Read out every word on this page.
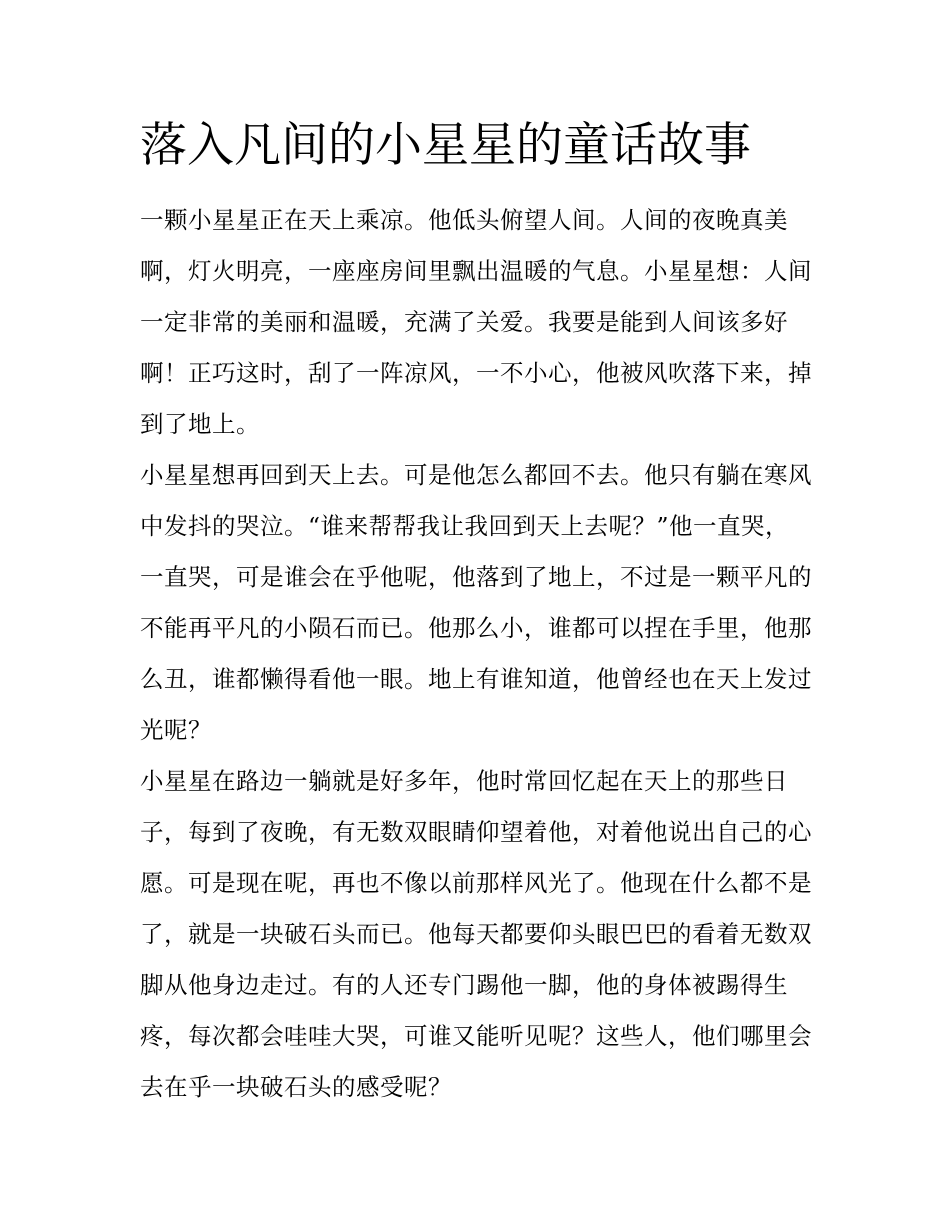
落入凡间的小星星的童话故事

一颗小星星正在天上乘凉。他低头俯望人间。人间的夜晚真美啊，灯火明亮，一座座房间里飘出温暖的气息。小星星想：人间一定非常的美丽和温暖，充满了关爱。我要是能到人间该多好啊！正巧这时，刮了一阵凉风，一不小心，他被风吹落下来，掉到了地上。

小星星想再回到天上去。可是他怎么都回不去。他只有躺在寒风中发抖的哭泣。“谁来帮帮我让我回到天上去呢？”他一直哭，一直哭，可是谁会在乎他呢，他落到了地上，不过是一颗平凡的不能再平凡的小陨石而已。他那么小，谁都可以捏在手里，他那么丑，谁都懒得看他一眼。地上有谁知道，他曾经也在天上发过光呢？

小星星在路边一躺就是好多年，他时常回忆起在天上的那些日子，每到了夜晚，有无数双眼睛仰望着他，对着他说出自己的心愿。可是现在呢，再也不像以前那样风光了。他现在什么都不是了，就是一块破石头而已。他每天都要仰头眼巴巴的看着无数双脚从他身边走过。有的人还专门踢他一脚，他的身体被踢得生疼，每次都会哇哇大哭，可谁又能听见呢？这些人，他们哪里会去在乎一块破石头的感受呢？
